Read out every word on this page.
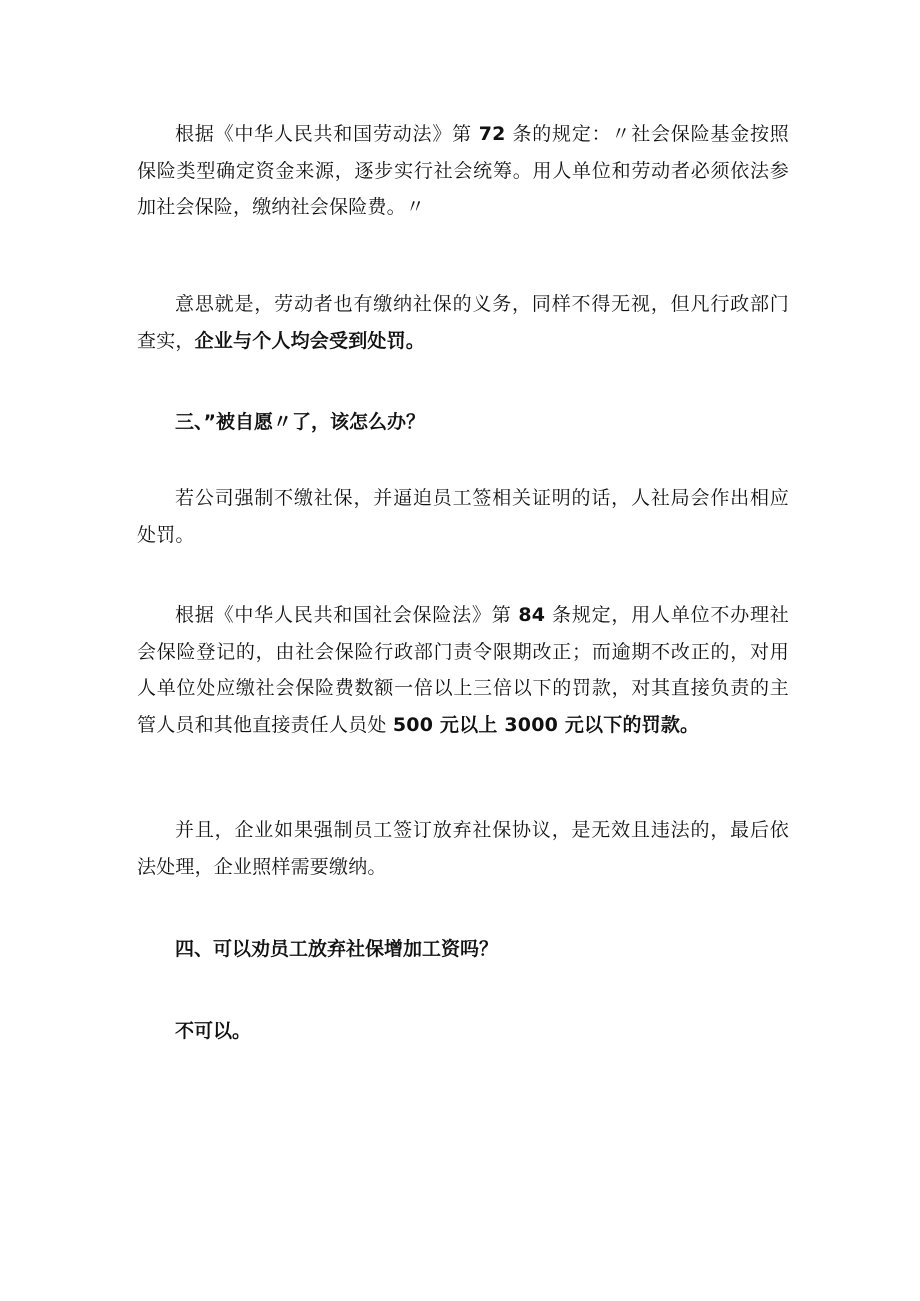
根据《中华人民共和国劳动法》第 72 条的规定：〃社会保险基金按照保险类型确定资金来源，逐步实行社会统筹。用人单位和劳动者必须依法参加社会保险，缴纳社会保险费。〃

意思就是，劳动者也有缴纳社保的义务，同样不得无视，但凡行政部门查实，企业与个人均会受到处罚。

三、”被自愿〃了，该怎么办？

若公司强制不缴社保，并逼迫员工签相关证明的话，人社局会作出相应处罚。

根据《中华人民共和国社会保险法》第 84 条规定，用人单位不办理社会保险登记的，由社会保险行政部门责令限期改正；而逾期不改正的，对用人单位处应缴社会保险费数额一倍以上三倍以下的罚款，对其直接负责的主管人员和其他直接责任人员处 500 元以上 3000 元以下的罚款。

并且，企业如果强制员工签订放弃社保协议，是无效且违法的，最后依法处理，企业照样需要缴纳。

四、可以劝员工放弃社保增加工资吗？

不可以。
